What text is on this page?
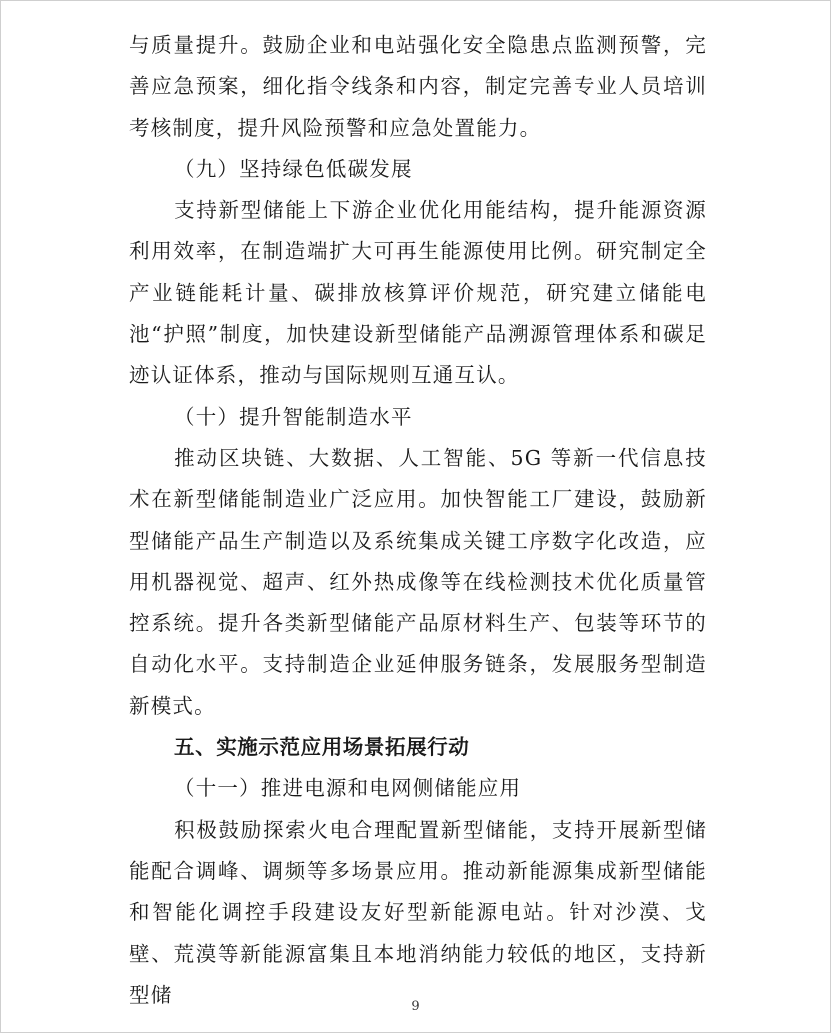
与质量提升。鼓励企业和电站强化安全隐患点监测预警，完善应急预案，细化指令线条和内容，制定完善专业人员培训考核制度，提升风险预警和应急处置能力。

（九）坚持绿色低碳发展

支持新型储能上下游企业优化用能结构，提升能源资源利用效率，在制造端扩大可再生能源使用比例。研究制定全产业链能耗计量、碳排放核算评价规范，研究建立储能电池“护照”制度，加快建设新型储能产品溯源管理体系和碳足迹认证体系，推动与国际规则互通互认。

（十）提升智能制造水平

推动区块链、大数据、人工智能、5G 等新一代信息技术在新型储能制造业广泛应用。加快智能工厂建设，鼓励新型储能产品生产制造以及系统集成关键工序数字化改造，应用机器视觉、超声、红外热成像等在线检测技术优化质量管控系统。提升各类新型储能产品原材料生产、包装等环节的自动化水平。支持制造企业延伸服务链条，发展服务型制造新模式。

五、实施示范应用场景拓展行动

（十一）推进电源和电网侧储能应用

积极鼓励探索火电合理配置新型储能，支持开展新型储能配合调峰、调频等多场景应用。推动新能源集成新型储能和智能化调控手段建设友好型新能源电站。针对沙漠、戈壁、荒漠等新能源富集且本地消纳能力较低的地区，支持新型储	9
